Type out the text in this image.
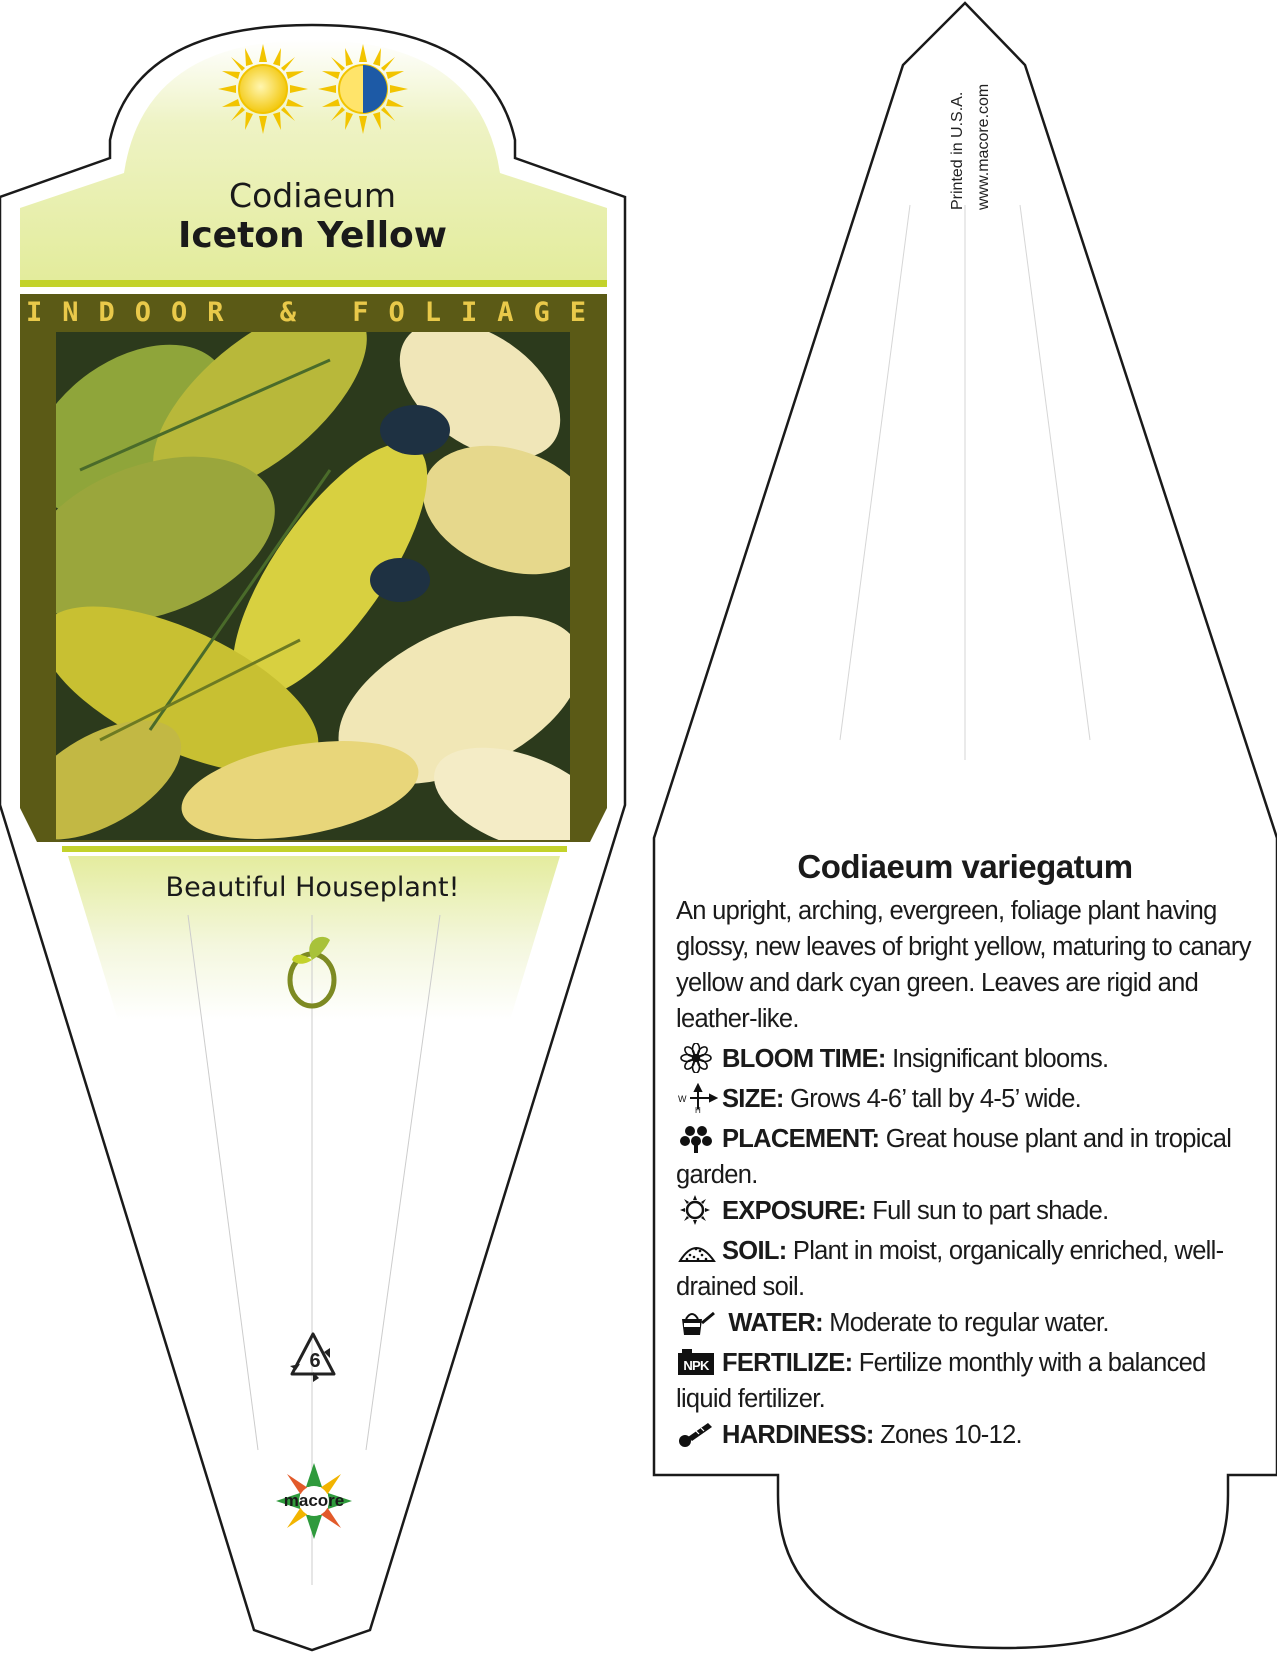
Codiaeum
Iceton Yellow
INDOOR & FOLIAGE
Beautiful Houseplant!
6
macore
Printed in U.S.A. www.macore.com
Codiaeum variegatum
An upright, arching, evergreen, foliage plant having glossy, new leaves of bright yellow, maturing to canary yellow and dark cyan green. Leaves are rigid and leather-like.
BLOOM TIME: Insignificant blooms.
W
H SIZE: Grows 4-6’ tall by 4-5’ wide.
PLACEMENT: Great house plant and in tropical garden.
EXPOSURE: Full sun to part shade.
SOIL: Plant in moist, organically enriched, well-drained soil.
WATER: Moderate to regular water.
NPK FERTILIZE: Fertilize monthly with a balanced liquid fertilizer.
HARDINESS: Zones 10-12.
